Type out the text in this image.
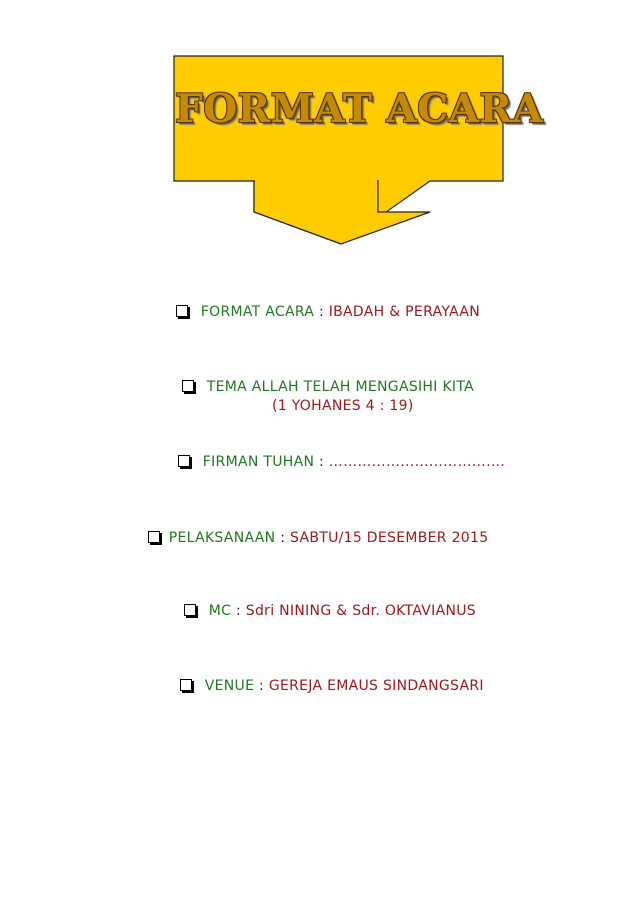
FORMAT ACARA
FORMAT ACARA : IBADAH & PERAYAAN
TEMA ALLAH TELAH MENGASIHI KITA
(1 YOHANES 4 : 19)
FIRMAN TUHAN : ……………………………….
PELAKSANAAN : SABTU/15 DESEMBER 2015
MC : Sdri NINING & Sdr. OKTAVIANUS
VENUE : GEREJA EMAUS SINDANGSARI
